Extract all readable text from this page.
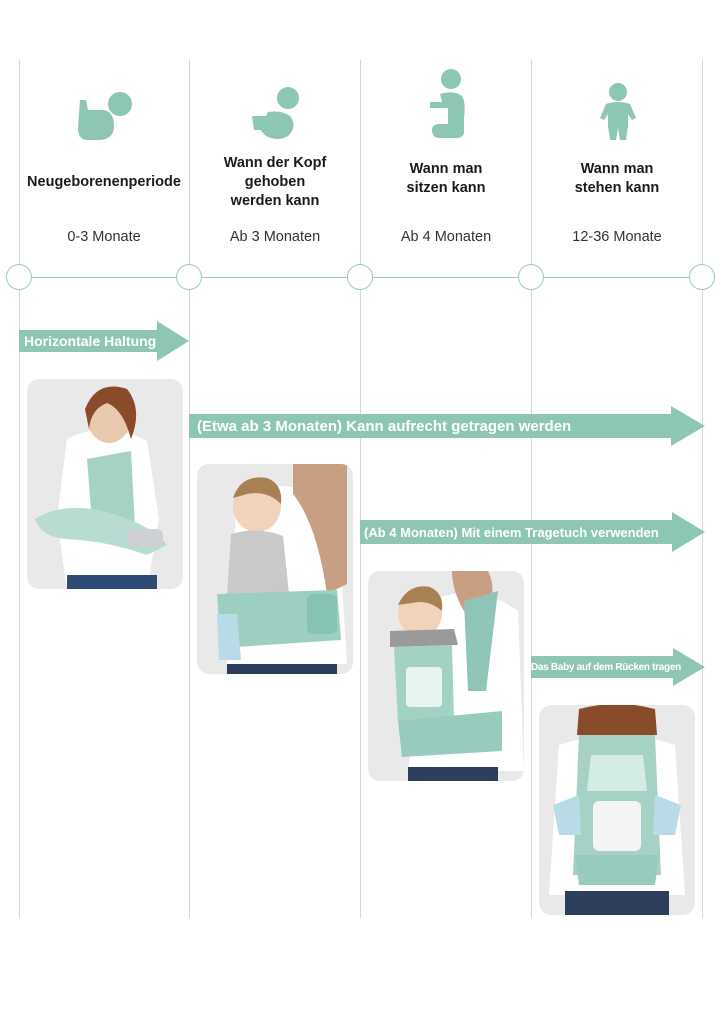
Neugeborenenperiode
Wann der Kopf gehoben werden kann
Wann man sitzen kann
Wann man stehen kann
0-3 Monate	Ab 3 Monaten	Ab 4 Monaten	12-36 Monate
Horizontale Haltung
(Etwa ab 3 Monaten) Kann aufrecht getragen werden
(Ab 4 Monaten) Mit einem Tragetuch verwenden
Das Baby auf dem Rücken tragen
